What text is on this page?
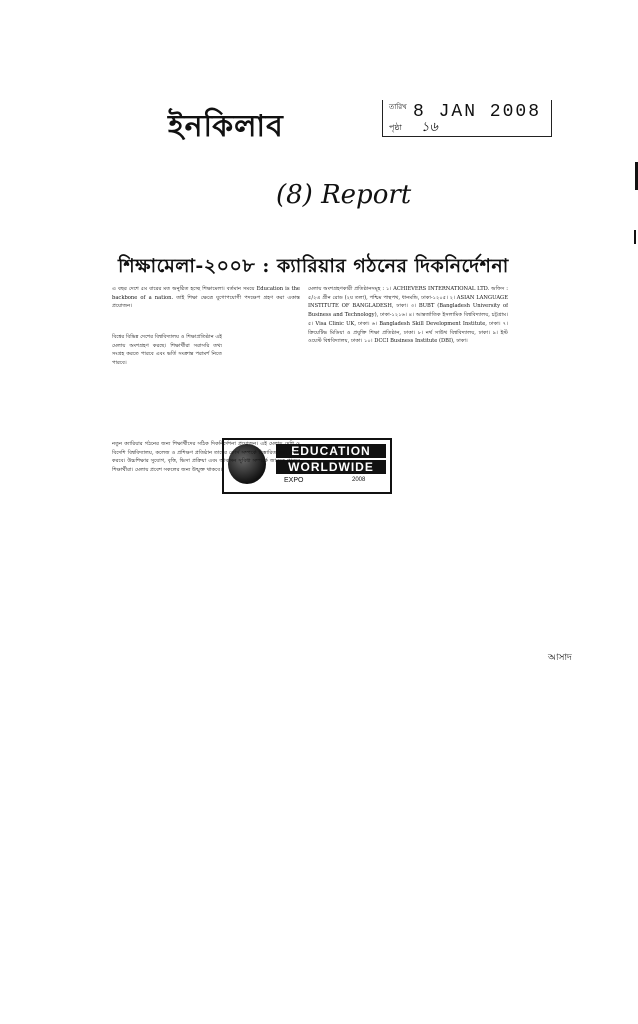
ইনকিলাব
তারিখ 8 JAN 2008
পৃষ্ঠা ১৬
(8) Report
শিক্ষামেলা-২০০৮ : ক্যারিয়ার গঠনের দিকনির্দেশনা
এ বছর দেশে ৫ম বারের মত অনুষ্ঠিত হচ্ছে শিক্ষামেলা। বর্তমান সময়ে Education is the backbone of a nation. তাই শিক্ষা ক্ষেত্রে যুগোপযোগী পদক্ষেপ গ্রহণ করা একান্ত প্রয়োজন।
বিশ্বের বিভিন্ন দেশের বিশ্ববিদ্যালয় ও শিক্ষাপ্রতিষ্ঠান এই মেলায় অংশগ্রহণ করছে। শিক্ষার্থীরা সরাসরি তথ্য সংগ্রহ করতে পারবে এবং ভর্তি সংক্রান্ত পরামর্শ নিতে পারবে।
EDUCATION
WORLDWIDE
EXPO	2008
নতুন ক্যারিয়ার গঠনের জন্য শিক্ষার্থীদের সঠিক দিকনির্দেশনা প্রয়োজন। এই মেলায় দেশি ও বিদেশি বিশ্ববিদ্যালয়, কলেজ ও প্রশিক্ষণ প্রতিষ্ঠান তাদের কোর্স সম্পর্কে বিস্তারিত তথ্য প্রদান করবে। উচ্চশিক্ষার সুযোগ, বৃত্তি, ভিসা প্রক্রিয়া এবং আবাসন সুবিধা সম্পর্কে জানতে পারবে শিক্ষার্থীরা। মেলায় প্রবেশ সকলের জন্য উন্মুক্ত থাকবে।
মেলায় অংশগ্রহণকারী প্রতিষ্ঠানসমূহ : ১। ACHIEVERS INTERNATIONAL LTD. অফিস : ৫/২এ গ্রীন রোড (২য় তলা), পশ্চিম পান্থপথ, ধানমন্ডি, ঢাকা-১২০৫। ২। ASIAN LANGUAGE INSTITUTE OF BANGLADESH, ঢাকা। ৩। BUBT (Bangladesh University of Business and Technology), ঢাকা-১২১৬। ৪। আন্তর্জাতিক ইসলামিক বিশ্ববিদ্যালয়, চট্টগ্রাম। ৫। Visa Clinic UK, ঢাকা। ৬। Bangladesh Skill Development Institute, ঢাকা। ৭। ক্রিয়েটিভ মিডিয়া ও প্রযুক্তি শিক্ষা প্রতিষ্ঠান, ঢাকা। ৮। নর্থ সাউথ বিশ্ববিদ্যালয়, ঢাকা। ৯। ইস্ট ওয়েস্ট বিশ্ববিদ্যালয়, ঢাকা। ১০। DCCI Business Institute (DBI), ঢাকা।
আসাদ
